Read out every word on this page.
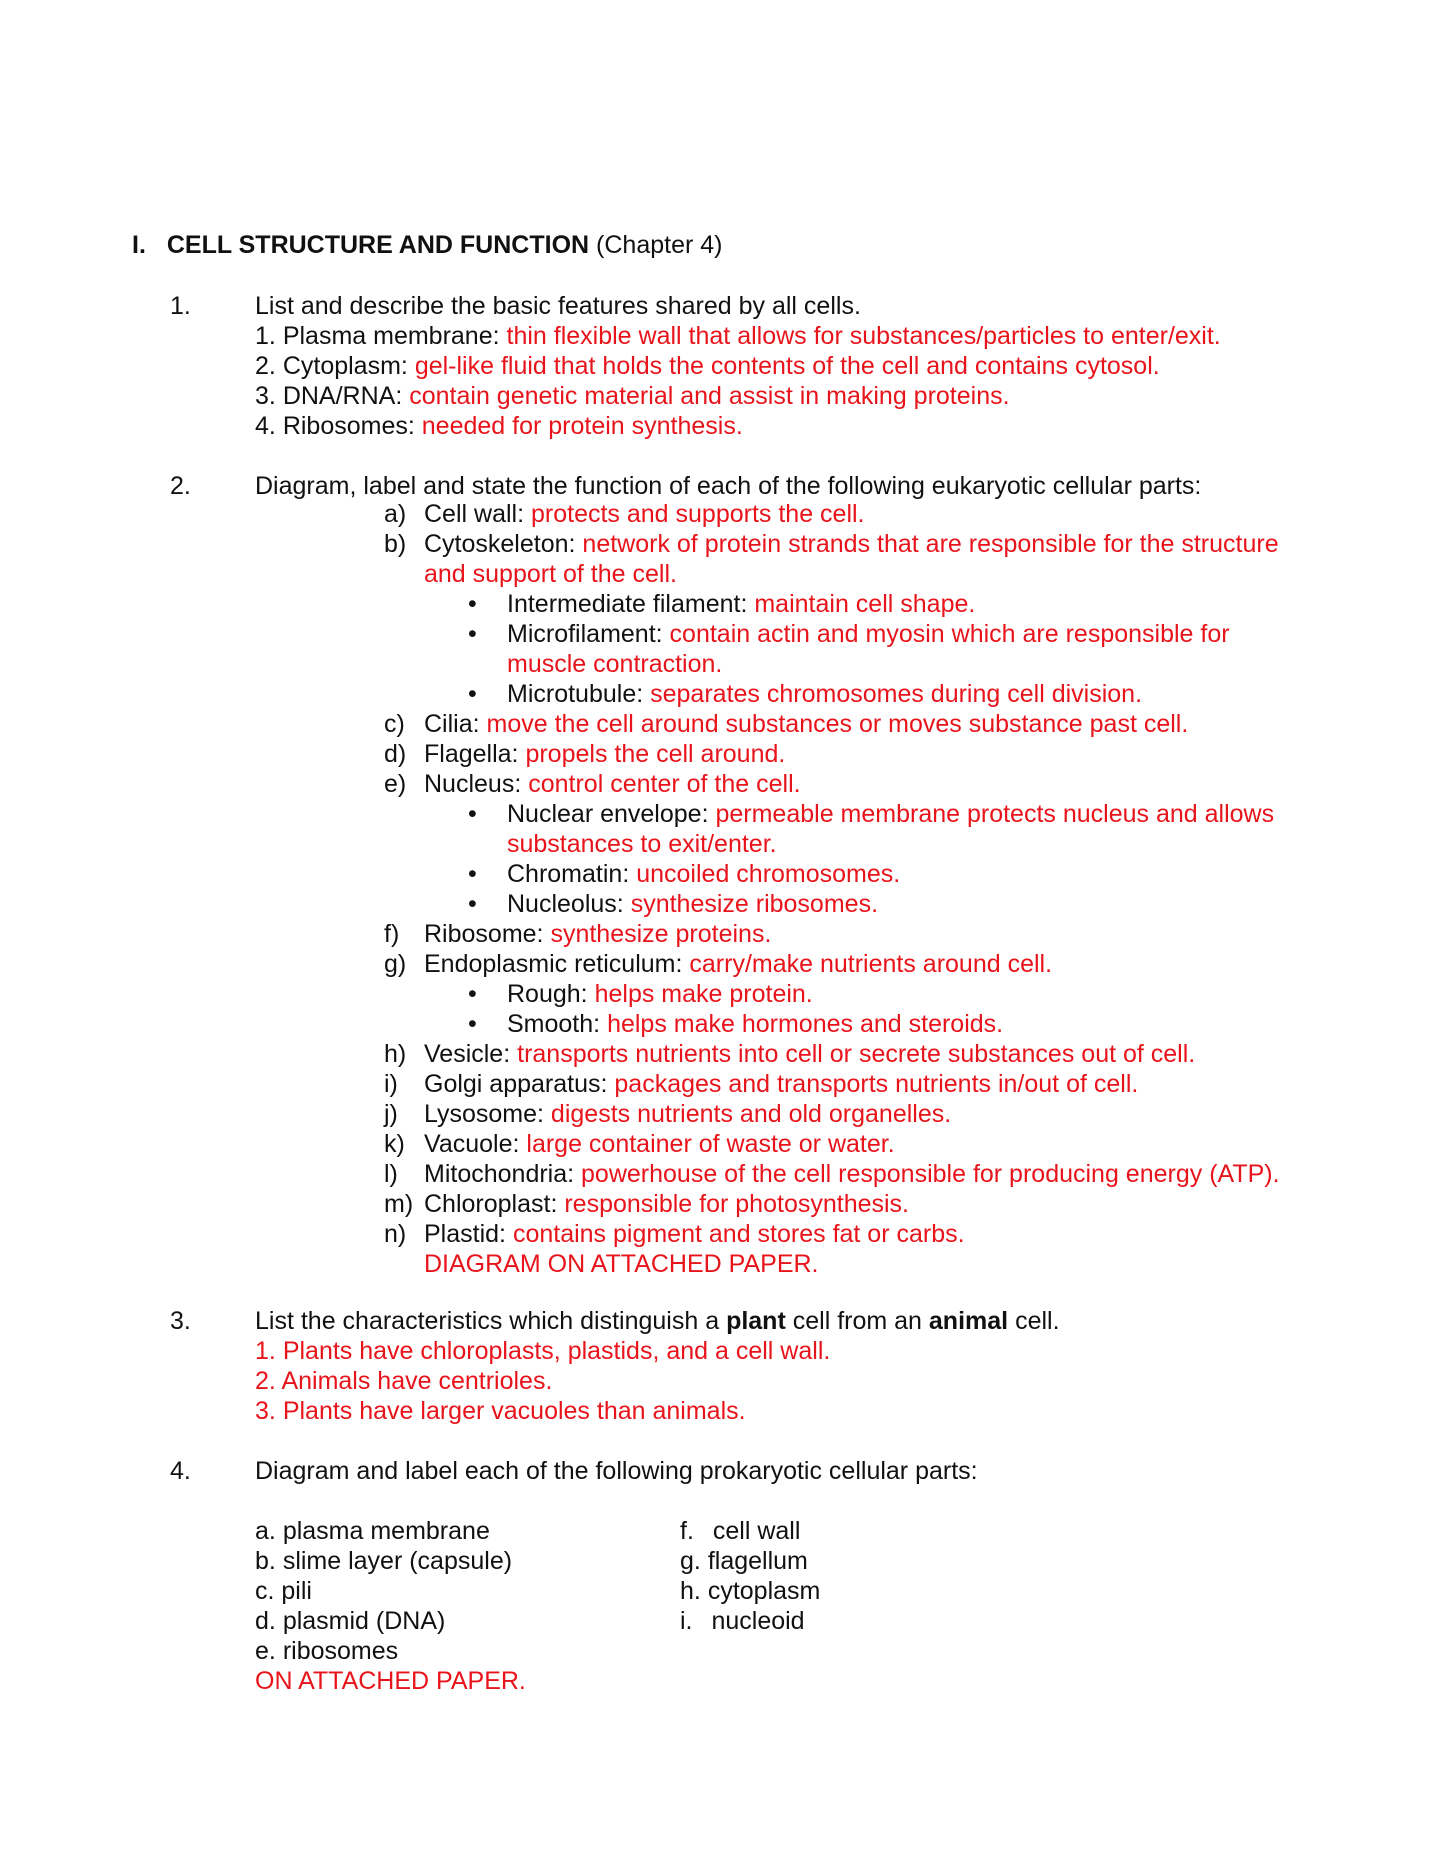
I. CELL STRUCTURE AND FUNCTION (Chapter 4)
1.	List and describe the basic features shared by all cells.
1. Plasma membrane: thin flexible wall that allows for substances/particles to enter/exit.
2. Cytoplasm: gel-like fluid that holds the contents of the cell and contains cytosol.
3. DNA/RNA: contain genetic material and assist in making proteins.
4. Ribosomes: needed for protein synthesis.
2.	Diagram, label and state the function of each of the following eukaryotic cellular parts:
a) Cell wall: protects and supports the cell.
b) Cytoskeleton: network of protein strands that are responsible for the structure
and support of the cell.
• Intermediate filament: maintain cell shape.
• Microfilament: contain actin and myosin which are responsible for
muscle contraction.
• Microtubule: separates chromosomes during cell division.
c) Cilia: move the cell around substances or moves substance past cell.
d) Flagella: propels the cell around.
e) Nucleus: control center of the cell.
• Nuclear envelope: permeable membrane protects nucleus and allows
substances to exit/enter.
• Chromatin: uncoiled chromosomes.
• Nucleolus: synthesize ribosomes.
f) Ribosome: synthesize proteins.
g) Endoplasmic reticulum: carry/make nutrients around cell.
• Rough: helps make protein.
• Smooth: helps make hormones and steroids.
h) Vesicle: transports nutrients into cell or secrete substances out of cell.
i) Golgi apparatus: packages and transports nutrients in/out of cell.
j) Lysosome: digests nutrients and old organelles.
k) Vacuole: large container of waste or water.
l) Mitochondria: powerhouse of the cell responsible for producing energy (ATP).
m) Chloroplast: responsible for photosynthesis.
n) Plastid: contains pigment and stores fat or carbs.
DIAGRAM ON ATTACHED PAPER.
3.	List the characteristics which distinguish a plant cell from an animal cell.
1. Plants have chloroplasts, plastids, and a cell wall.
2. Animals have centrioles.
3. Plants have larger vacuoles than animals.
4.	Diagram and label each of the following prokaryotic cellular parts:
a. plasma membrane
b. slime layer (capsule)
c. pili
d. plasmid (DNA)
e. ribosomes
f. cell wall
g. flagellum
h. cytoplasm
i. nucleoid
ON ATTACHED PAPER.
